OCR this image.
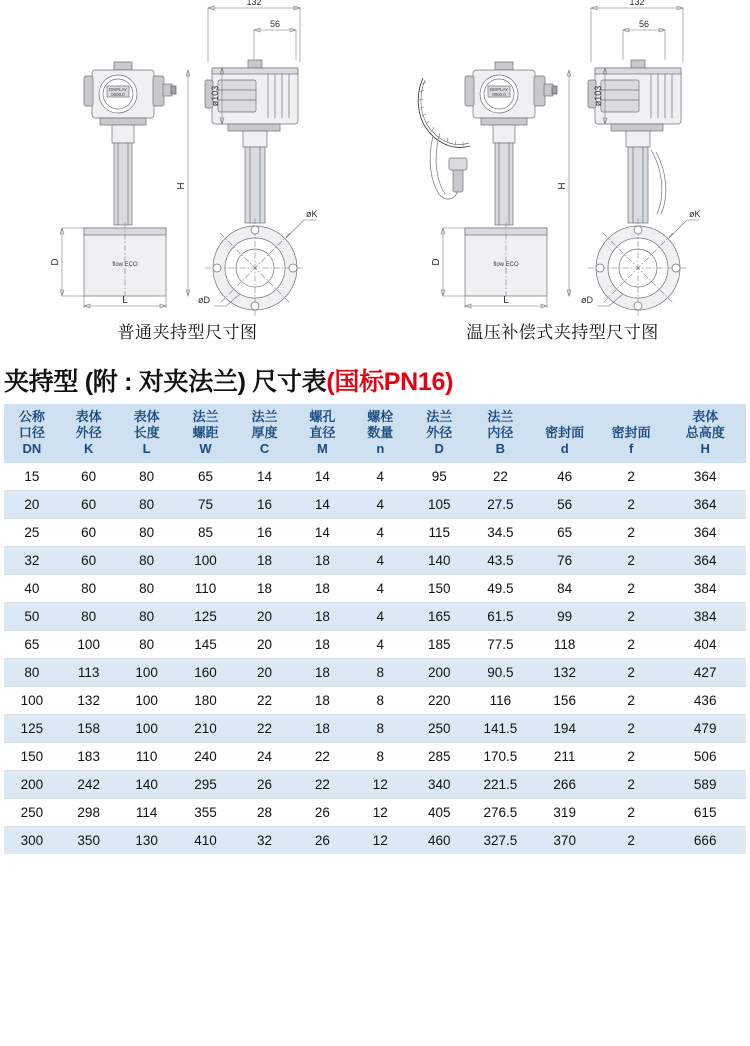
132
56
DISPLAY
0000.0
flow ECO
H
D
L
ø103
øK
øD
132
56
DISPLAY
0000.0
flow ECO
H
D
L
ø103
øK
øD
普通夹持型尺寸图	温压补偿式夹持型尺寸图
夹持型 (附 : 对夹法兰) 尺寸表(国标PN16)
公称
口径
DN	表体
外径
K	表体
长度
L	法兰
螺距
W	法兰
厚度
C	螺孔
直径
M	螺栓
数量
n	法兰
外径
D	法兰
内径
B	密封面
d	密封面
f	表体
总高度
H

15	60	80	65	14	14	4	95	22	46	2	364
20	60	80	75	16	14	4	105	27.5	56	2	364
25	60	80	85	16	14	4	115	34.5	65	2	364
32	60	80	100	18	18	4	140	43.5	76	2	364
40	80	80	110	18	18	4	150	49.5	84	2	384
50	80	80	125	20	18	4	165	61.5	99	2	384
65	100	80	145	20	18	4	185	77.5	118	2	404
80	113	100	160	20	18	8	200	90.5	132	2	427
100	132	100	180	22	18	8	220	116	156	2	436
125	158	100	210	22	18	8	250	141.5	194	2	479
150	183	110	240	24	22	8	285	170.5	211	2	506
200	242	140	295	26	22	12	340	221.5	266	2	589
250	298	114	355	28	26	12	405	276.5	319	2	615
300	350	130	410	32	26	12	460	327.5	370	2	666
